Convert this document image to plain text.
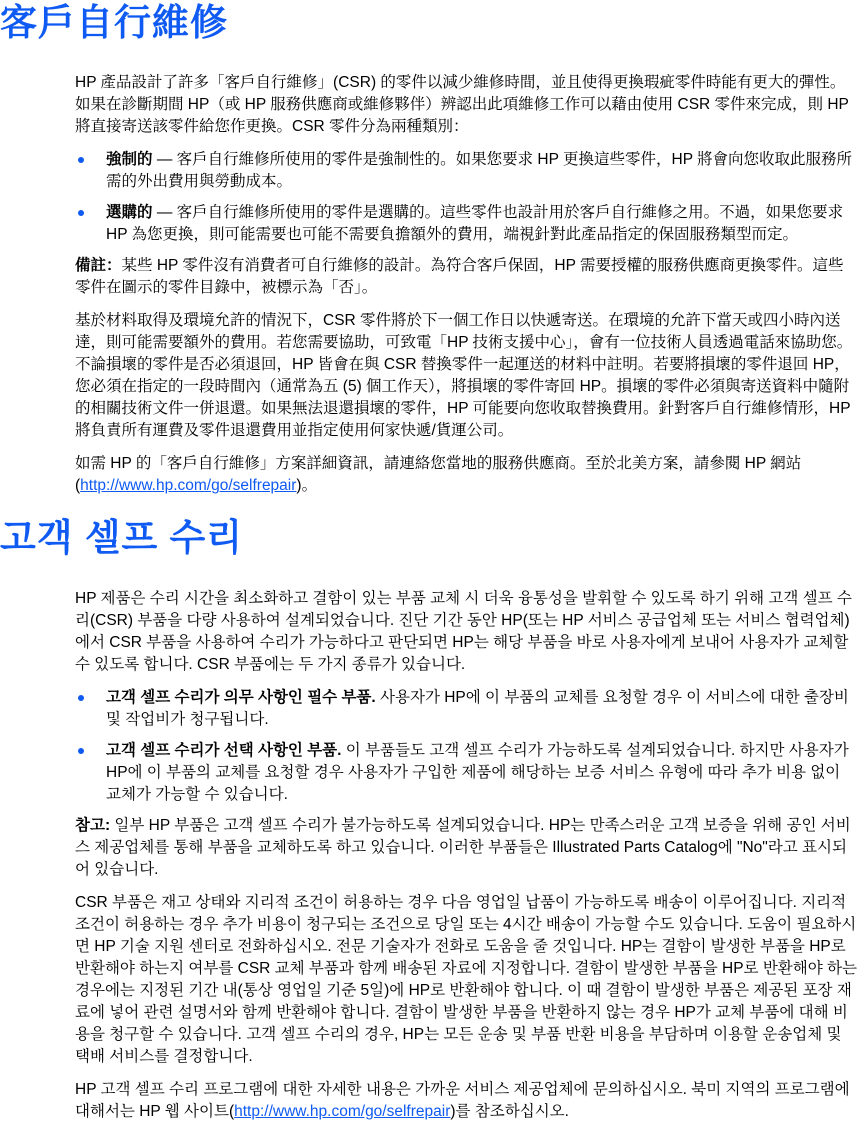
客戶自行維修

HP 產品設計了許多「客戶自行維修」(CSR) 的零件以減少維修時間，並且使得更換瑕疵零件時能有更大的彈性。如果在診斷期間 HP（或 HP 服務供應商或維修夥伴）辨認出此項維修工作可以藉由使用 CSR 零件來完成，則 HP 將直接寄送該零件給您作更換。CSR 零件分為兩種類別：

強制的 — 客戶自行維修所使用的零件是強制性的。如果您要求 HP 更換這些零件，HP 將會向您收取此服務所需的外出費用與勞動成本。
選購的 — 客戶自行維修所使用的零件是選購的。這些零件也設計用於客戶自行維修之用。不過，如果您要求 HP 為您更換，則可能需要也可能不需要負擔額外的費用，端視針對此產品指定的保固服務類型而定。

備註：某些 HP 零件沒有消費者可自行維修的設計。為符合客戶保固，HP 需要授權的服務供應商更換零件。這些零件在圖示的零件目錄中，被標示為「否」。

基於材料取得及環境允許的情況下，CSR 零件將於下一個工作日以快遞寄送。在環境的允許下當天或四小時內送達，則可能需要額外的費用。若您需要協助，可致電「HP 技術支援中心」，會有一位技術人員透過電話來協助您。不論損壞的零件是否必須退回，HP 皆會在與 CSR 替換零件一起運送的材料中註明。若要將損壞的零件退回 HP，您必須在指定的一段時間內（通常為五 (5) 個工作天），將損壞的零件寄回 HP。損壞的零件必須與寄送資料中隨附的相關技術文件一併退還。如果無法退還損壞的零件，HP 可能要向您收取替換費用。針對客戶自行維修情形，HP 將負責所有運費及零件退還費用並指定使用何家快遞/貨運公司。

如需 HP 的「客戶自行維修」方案詳細資訊，請連絡您當地的服務供應商。至於北美方案，請參閱 HP 網站 (http://www.hp.com/go/selfrepair)。

고객 셀프 수리

HP 제품은 수리 시간을 최소화하고 결함이 있는 부품 교체 시 더욱 융통성을 발휘할 수 있도록 하기 위해 고객 셀프 수리(CSR) 부품을 다량 사용하여 설계되었습니다. 진단 기간 동안 HP(또는 HP 서비스 공급업체 또는 서비스 협력업체)에서 CSR 부품을 사용하여 수리가 가능하다고 판단되면 HP는 해당 부품을 바로 사용자에게 보내어 사용자가 교체할 수 있도록 합니다. CSR 부품에는 두 가지 종류가 있습니다.

고객 셀프 수리가 의무 사항인 필수 부품. 사용자가 HP에 이 부품의 교체를 요청할 경우 이 서비스에 대한 출장비 및 작업비가 청구됩니다.
고객 셀프 수리가 선택 사항인 부품. 이 부품들도 고객 셀프 수리가 가능하도록 설계되었습니다. 하지만 사용자가 HP에 이 부품의 교체를 요청할 경우 사용자가 구입한 제품에 해당하는 보증 서비스 유형에 따라 추가 비용 없이 교체가 가능할 수 있습니다.

참고: 일부 HP 부품은 고객 셀프 수리가 불가능하도록 설계되었습니다. HP는 만족스러운 고객 보증을 위해 공인 서비스 제공업체를 통해 부품을 교체하도록 하고 있습니다. 이러한 부품들은 Illustrated Parts Catalog에 "No"라고 표시되어 있습니다.

CSR 부품은 재고 상태와 지리적 조건이 허용하는 경우 다음 영업일 납품이 가능하도록 배송이 이루어집니다. 지리적 조건이 허용하는 경우 추가 비용이 청구되는 조건으로 당일 또는 4시간 배송이 가능할 수도 있습니다. 도움이 필요하시면 HP 기술 지원 센터로 전화하십시오. 전문 기술자가 전화로 도움을 줄 것입니다. HP는 결함이 발생한 부품을 HP로 반환해야 하는지 여부를 CSR 교체 부품과 함께 배송된 자료에 지정합니다. 결함이 발생한 부품을 HP로 반환해야 하는 경우에는 지정된 기간 내(통상 영업일 기준 5일)에 HP로 반환해야 합니다. 이 때 결함이 발생한 부품은 제공된 포장 재료에 넣어 관련 설명서와 함께 반환해야 합니다. 결함이 발생한 부품을 반환하지 않는 경우 HP가 교체 부품에 대해 비용을 청구할 수 있습니다. 고객 셀프 수리의 경우, HP는 모든 운송 및 부품 반환 비용을 부담하며 이용할 운송업체 및 택배 서비스를 결정합니다.

HP 고객 셀프 수리 프로그램에 대한 자세한 내용은 가까운 서비스 제공업체에 문의하십시오. 북미 지역의 프로그램에 대해서는 HP 웹 사이트(http://www.hp.com/go/selfrepair)를 참조하십시오.
